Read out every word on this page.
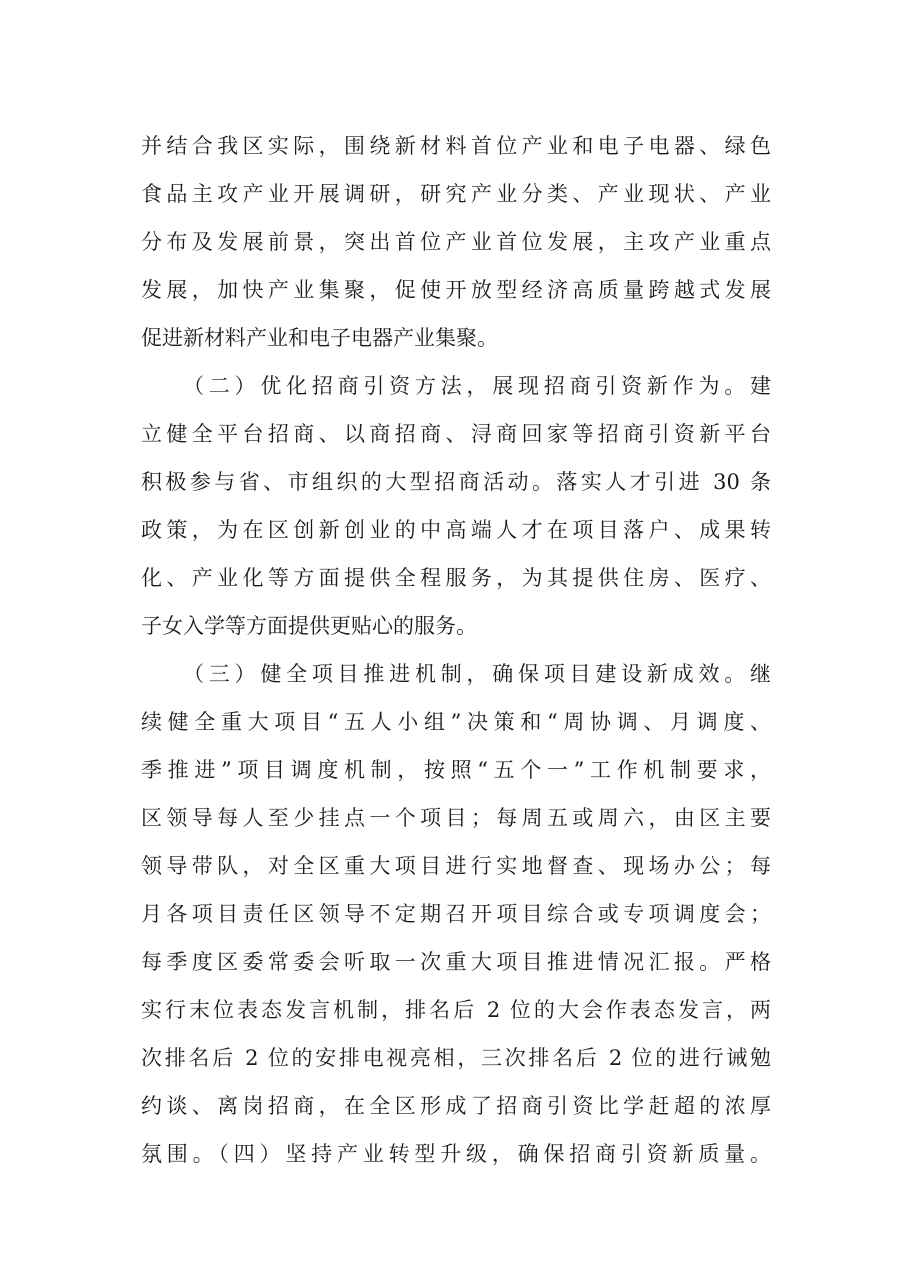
并结合我区实际，围绕新材料首位产业和电子电器、绿色
食品主攻产业开展调研，研究产业分类、产业现状、产业
分布及发展前景，突出首位产业首位发展，主攻产业重点
发展，加快产业集聚，促使开放型经济高质量跨越式发展
促进新材料产业和电子电器产业集聚。
（二）优化招商引资方法，展现招商引资新作为。建
立健全平台招商、以商招商、浔商回家等招商引资新平台
积极参与省、市组织的大型招商活动。落实人才引进 30 条
政策，为在区创新创业的中高端人才在项目落户、成果转
化、产业化等方面提供全程服务，为其提供住房、医疗、
子女入学等方面提供更贴心的服务。
（三）健全项目推进机制，确保项目建设新成效。继
续健全重大项目“五人小组”决策和“周协调、月调度、
季推进”项目调度机制，按照“五个一”工作机制要求，
区领导每人至少挂点一个项目；每周五或周六，由区主要
领导带队，对全区重大项目进行实地督查、现场办公；每
月各项目责任区领导不定期召开项目综合或专项调度会；
每季度区委常委会听取一次重大项目推进情况汇报。严格
实行末位表态发言机制，排名后 2 位的大会作表态发言，两
次排名后 2 位的安排电视亮相，三次排名后 2 位的进行诫勉
约谈、离岗招商，在全区形成了招商引资比学赶超的浓厚
氛围。（四）坚持产业转型升级，确保招商引资新质量。
